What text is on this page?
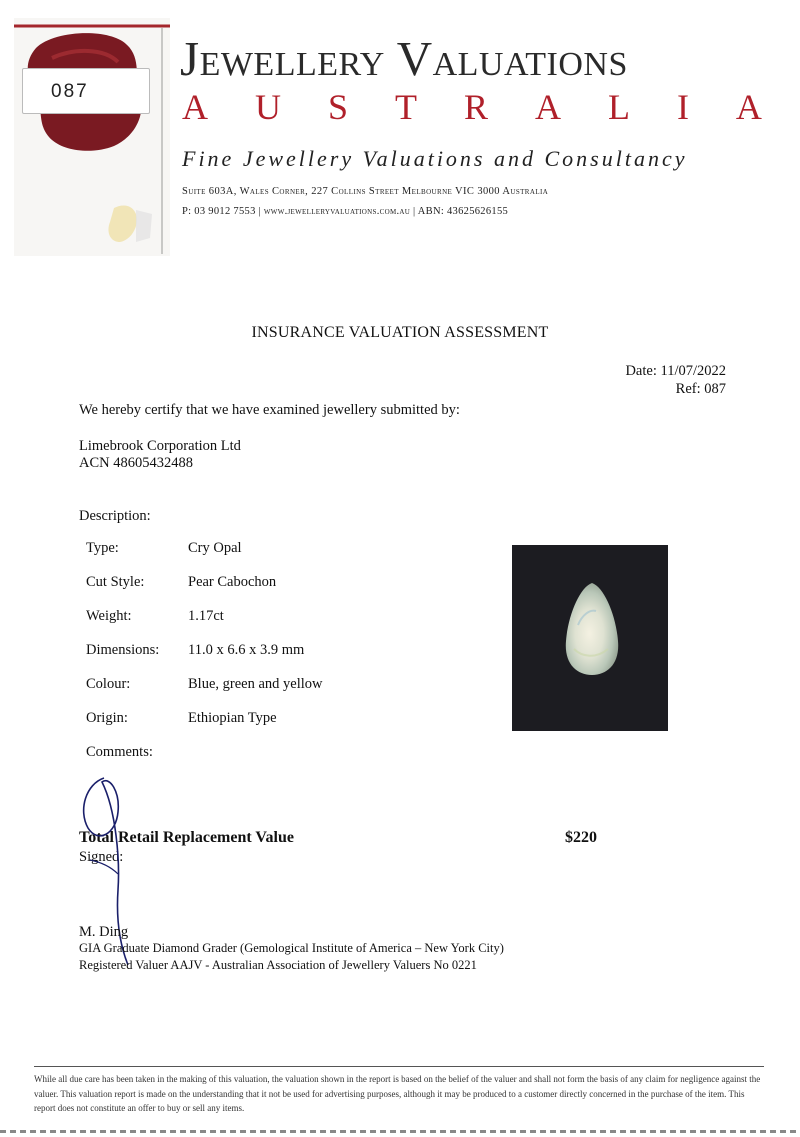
087
Jewellery Valuations
A U S T R A L I A
Fine Jewellery Valuations and Consultancy
Suite 603A, Wales Corner, 227 Collins Street Melbourne VIC 3000 Australia
P: 03 9012 7553 | www.jewelleryvaluations.com.au | ABN: 43625626155
INSURANCE VALUATION ASSESSMENT
Date: 11/07/2022
Ref: 087
We hereby certify that we have examined jewellery submitted by:
Limebrook Corporation Ltd
ACN 48605432488
Description:
Type:	Cry Opal
Cut Style:	Pear Cabochon
Weight:	1.17ct
Dimensions: 11.0 x 6.6 x 3.9 mm
Colour:	Blue, green and yellow
Origin:	Ethiopian Type
Comments:
Total Retail Replacement Value	$220
Signed:
M. Ding
GIA Graduate Diamond Grader (Gemological Institute of America – New York City)
Registered Valuer AAJV - Australian Association of Jewellery Valuers No 0221
While all due care has been taken in the making of this valuation, the valuation shown in the report is based on the belief of the valuer and shall not form the basis of any claim for negligence against the valuer. This valuation report is made on the understanding that it not be used for advertising purposes, although it may be produced to a customer directly concerned in the purchase of the item. This report does not constitute an offer to buy or sell any items.
